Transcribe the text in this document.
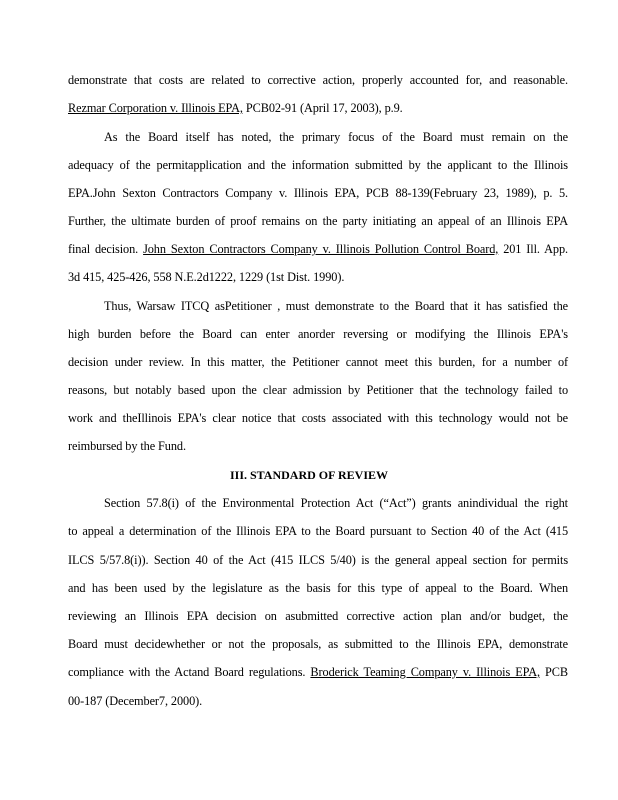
demonstrate that costs are related to corrective action, properly accounted for, and reasonable.
Rezmar Corporation v. Illinois EPA, PCB02-91 (April 17, 2003), p.9.
As the Board itself has noted, the primary focus of the Board must remain on the
adequacy of the permitapplication and the information submitted by the applicant to the Illinois
EPA.John Sexton Contractors Company v. Illinois EPA, PCB 88-139(February 23, 1989), p. 5.
Further, the ultimate burden of proof remains on the party initiating an appeal of an Illinois EPA
final decision. John Sexton Contractors Company v. Illinois Pollution Control Board, 201 Ill. App.
3d 415, 425-426, 558 N.E.2d1222, 1229 (1st Dist. 1990).
Thus, Warsaw ITCQ asPetitioner , must demonstrate to the Board that it has satisfied the
high burden before the Board can enter anorder reversing or modifying the Illinois EPA's
decision under review. In this matter, the Petitioner cannot meet this burden, for a number of
reasons, but notably based upon the clear admission by Petitioner that the technology failed to
work and theIllinois EPA's clear notice that costs associated with this technology would not be
reimbursed by the Fund.
III. STANDARD OF REVIEW
Section 57.8(i) of the Environmental Protection Act (“Act”) grants anindividual the right
to appeal a determination of the Illinois EPA to the Board pursuant to Section 40 of the Act (415
ILCS 5/57.8(i)). Section 40 of the Act (415 ILCS 5/40) is the general appeal section for permits
and has been used by the legislature as the basis for this type of appeal to the Board. When
reviewing an Illinois EPA decision on asubmitted corrective action plan and/or budget, the
Board must decidewhether or not the proposals, as submitted to the Illinois EPA, demonstrate
compliance with the Actand Board regulations. Broderick Teaming Company v. Illinois EPA, PCB
00-187 (December7, 2000).
